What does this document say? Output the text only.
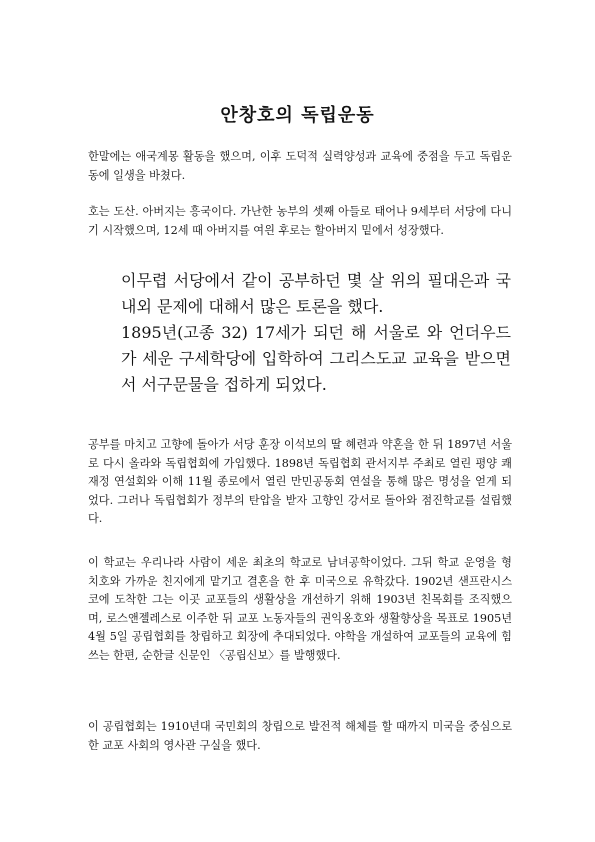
안창호의 독립운동

한말에는 애국계몽 활동을 했으며, 이후 도덕적 실력양성과 교육에 중점을 두고 독립운동에 일생을 바쳤다.

호는 도산. 아버지는 흥국이다. 가난한 농부의 셋째 아들로 태어나 9세부터 서당에 다니기 시작했으며, 12세 때 아버지를 여읜 후로는 할아버지 밑에서 성장했다.

이무렵 서당에서 같이 공부하던 몇 살 위의 필대은과 국내외 문제에 대해서 많은 토론을 했다.

1895년(고종 32) 17세가 되던 해 서울로 와 언더우드가 세운 구세학당에 입학하여 그리스도교 교육을 받으면서 서구문물을 접하게 되었다.

공부를 마치고 고향에 돌아가 서당 훈장 이석보의 딸 혜련과 약혼을 한 뒤 1897년 서울로 다시 올라와 독립협회에 가입했다. 1898년 독립협회 관서지부 주최로 열린 평양 쾌재정 연설회와 이해 11월 종로에서 열린 만민공동회 연설을 통해 많은 명성을 얻게 되었다. 그러나 독립협회가 정부의 탄압을 받자 고향인 강서로 돌아와 점진학교를 설립했다.

이 학교는 우리나라 사람이 세운 최초의 학교로 남녀공학이었다. 그뒤 학교 운영을 형 치호와 가까운 친지에게 맡기고 결혼을 한 후 미국으로 유학갔다. 1902년 샌프란시스코에 도착한 그는 이곳 교포들의 생활상을 개선하기 위해 1903년 친목회를 조직했으며, 로스앤젤레스로 이주한 뒤 교포 노동자들의 권익옹호와 생활향상을 목표로 1905년 4월 5일 공립협회를 창립하고 회장에 추대되었다. 야학을 개설하여 교포들의 교육에 힘쓰는 한편, 순한글 신문인 〈공립신보〉를 발행했다.

이 공립협회는 1910년대 국민회의 창립으로 발전적 해체를 할 때까지 미국을 중심으로 한 교포 사회의 영사관 구실을 했다.
